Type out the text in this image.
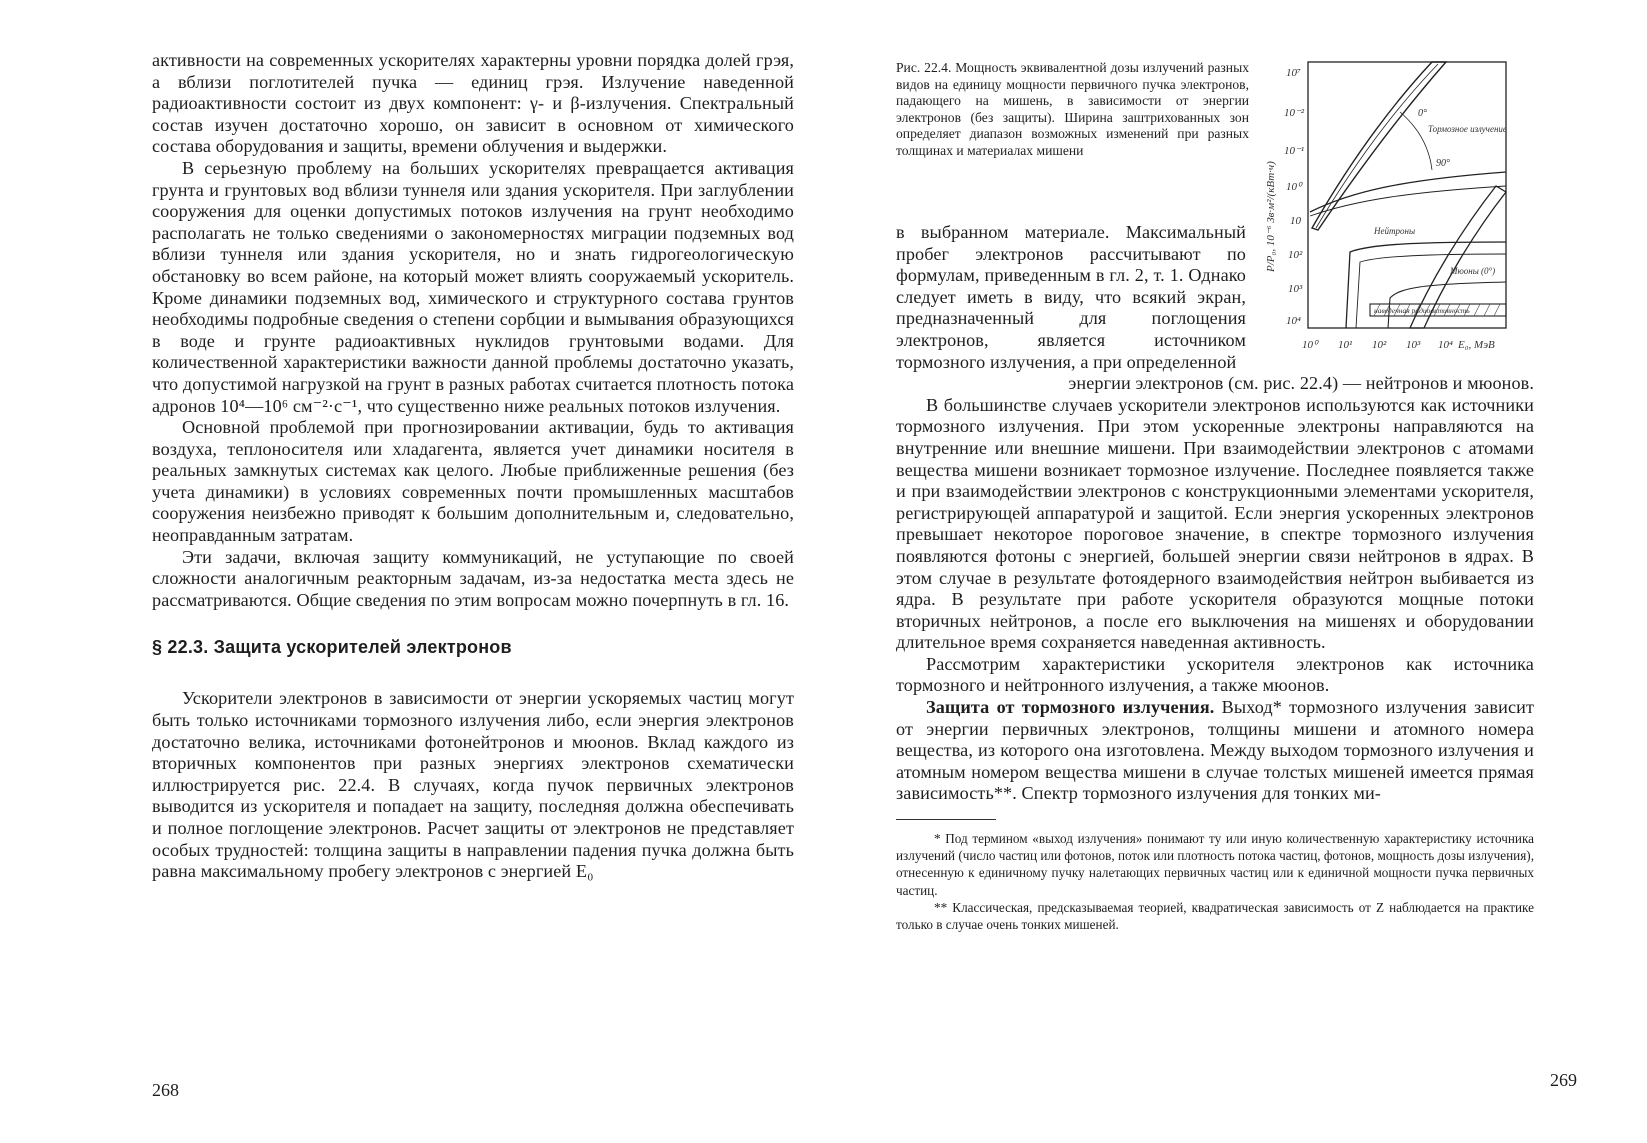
активности на современных ускорителях характерны уровни порядка долей грэя, а вблизи поглотителей пучка — единиц грэя. Излучение наведенной радиоактивности состоит из двух компонент: γ- и β-излучения. Спектральный состав изучен достаточно хорошо, он зависит в основном от химического состава оборудования и защиты, времени облучения и выдержки.

В серьезную проблему на больших ускорителях превращается активация грунта и грунтовых вод вблизи туннеля или здания ускорителя. При заглублении сооружения для оценки допустимых потоков излучения на грунт необходимо располагать не только сведениями о закономерностях миграции подземных вод вблизи туннеля или здания ускорителя, но и знать гидрогеологическую обстановку во всем районе, на который может влиять сооружаемый ускоритель. Кроме динамики подземных вод, химического и структурного состава грунтов необходимы подробные сведения о степени сорбции и вымывания образующихся в воде и грунте радиоактивных нуклидов грунтовыми водами. Для количественной характеристики важности данной проблемы достаточно указать, что допустимой нагрузкой на грунт в разных работах считается плотность потока адронов 10⁴—10⁶ см⁻²·с⁻¹, что существенно ниже реальных потоков излучения.

Основной проблемой при прогнозировании активации, будь то активация воздуха, теплоносителя или хладагента, является учет динамики носителя в реальных замкнутых системах как целого. Любые приближенные решения (без учета динамики) в условиях современных почти промышленных масштабов сооружения неизбежно приводят к большим дополнительным и, следовательно, неоправданным затратам.

Эти задачи, включая защиту коммуникаций, не уступающие по своей сложности аналогичным реакторным задачам, из-за недостатка места здесь не рассматриваются. Общие сведения по этим вопросам можно почерпнуть в гл. 16.

§ 22.3. Защита ускорителей электронов

Ускорители электронов в зависимости от энергии ускоряемых частиц могут быть только источниками тормозного излучения либо, если энергия электронов достаточно велика, источниками фотонейтронов и мюонов. Вклад каждого из вторичных компонентов при разных энергиях электронов схематически иллюстрируется рис. 22.4. В случаях, когда пучок первичных электронов выводится из ускорителя и попадает на защиту, последняя должна обеспечивать и полное поглощение электронов. Расчет защиты от электронов не представляет особых трудностей: толщина защиты в направлении падения пучка должна быть равна максимальному пробегу электронов с энергией E₀

268

Рис. 22.4. Мощность эквивалентной дозы излучений разных видов на единицу мощности первичного пучка электронов, падающего на мишень, в зависимости от энергии электронов (без защиты). Ширина заштрихованных зон определяет диапазон возможных изменений при разных толщинах и материалах мишени

P/P₀, 10⁻⁶ Зв·м²/(кВт·ч)
10⁷
10⁻²
10⁻¹
10⁰
10
10²
10³
10⁴
10⁰ 10¹ 10² 10³ 10⁴ E₀, МэВ
0°
90°
Тормозное излучение
Нейтроны
Мюоны (0°)
наведенная радиоактивность

в выбранном материале. Максимальный пробег электронов рассчитывают по формулам, приведенным в гл. 2, т. 1. Однако следует иметь в виду, что всякий экран, предназначенный для поглощения электронов, является источником тормозного излучения, а при определенной

энергии электронов (см. рис. 22.4) — нейтронов и мюонов.

В большинстве случаев ускорители электронов используются как источники тормозного излучения. При этом ускоренные электроны направляются на внутренние или внешние мишени. При взаимодействии электронов с атомами вещества мишени возникает тормозное излучение. Последнее появляется также и при взаимодействии электронов с конструкционными элементами ускорителя, регистрирующей аппаратурой и защитой. Если энергия ускоренных электронов превышает некоторое пороговое значение, в спектре тормозного излучения появляются фотоны с энергией, большей энергии связи нейтронов в ядрах. В этом случае в результате фотоядерного взаимодействия нейтрон выбивается из ядра. В результате при работе ускорителя образуются мощные потоки вторичных нейтронов, а после его выключения на мишенях и оборудовании длительное время сохраняется наведенная активность.

Рассмотрим характеристики ускорителя электронов как источника тормозного и нейтронного излучения, а также мюонов.

Защита от тормозного излучения. Выход* тормозного излучения зависит от энергии первичных электронов, толщины мишени и атомного номера вещества, из которого она изготовлена. Между выходом тормозного излучения и атомным номером вещества мишени в случае толстых мишеней имеется прямая зависимость**. Спектр тормозного излучения для тонких ми-

* Под термином «выход излучения» понимают ту или иную количественную характеристику источника излучений (число частиц или фотонов, поток или плотность потока частиц, фотонов, мощность дозы излучения), отнесенную к единичному пучку налетающих первичных частиц или к единичной мощности пучка первичных частиц.

** Классическая, предсказываемая теорией, квадратическая зависимость от Z наблюдается на практике только в случае очень тонких мишеней.

269
